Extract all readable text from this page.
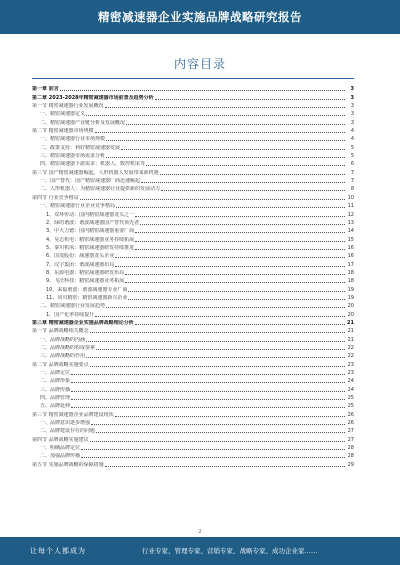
精密减速器企业实施品牌战略研究报告
内容目录
第一章 前言	3
第二章 2023-2028年精密减速器市场前景及趋势分析	3
第一节 精密减速器行业发展概况	3
一、精密减速器定义	3
二、精密减速器产业链分析及发展概况	3
第二节 精密减速器市场规模	4
一、精密减速器行业市场规模	4
二、政策支持：利好精密减速器发展	5
三、精密减速器市场需求分析	5
四、精密减速器下游需求：机器人、数控机床等	6
第三节 国产精密减速器崛起，人形机器人发展带来新机遇	7
一、国产替代：国产精密减速器厂商迅速崛起	7
二、人形机器人：为精密减速器行业提供新的发展动力	8
第四节 行业竞争格局	10
一、精密减速器行业企业竞争格局	11
1、双环传动：国内精密减速器龙头之一	12
2、绿的谐波：谐波减速器国产替代领先者	13
3、中大力德：国内精密减速器重要厂商	14
4、昊志机电：精密减速器业务持续拓展	15
5、秦川机床：精密减速器研发持续推进	16
6、国茂股份：减速器龙头企业	16
7、汉宇集团：谐波减速器布局	17
8、东源电器：精密减速器研发布局	18
9、飞沃科技：精密减速器业务拓展	18
10、来福谐波：谐波减速器专业厂商	19
11、同川精密：精密减速器新兴企业	19
二、精密减速器行业发展趋势	20
1、国产化率持续提升	20
第三章 精密减速器企业实施品牌战略理论分析	21
第一节 品牌战略相关概念	21
一、品牌战略的内涵	21
二、品牌战略的构成要素	22
三、品牌战略的作用	22
第二节 品牌战略实施要点	23
一、品牌定位	23
二、品牌形象	24
三、品牌传播	24
四、品牌管理	25
五、品牌延伸	25
第三节 精密减速器企业品牌建设现状	26
一、品牌意识逐步增强	26
二、品牌建设存在的问题	27
第四节 品牌战略实施建议	27
一、明确品牌定位	28
二、加强品牌传播	28
第五节 实施品牌战略的保障措施	29
2
让每个人都成为	行业专家、管理专家、营销专家、战略专家、成功企业家……
